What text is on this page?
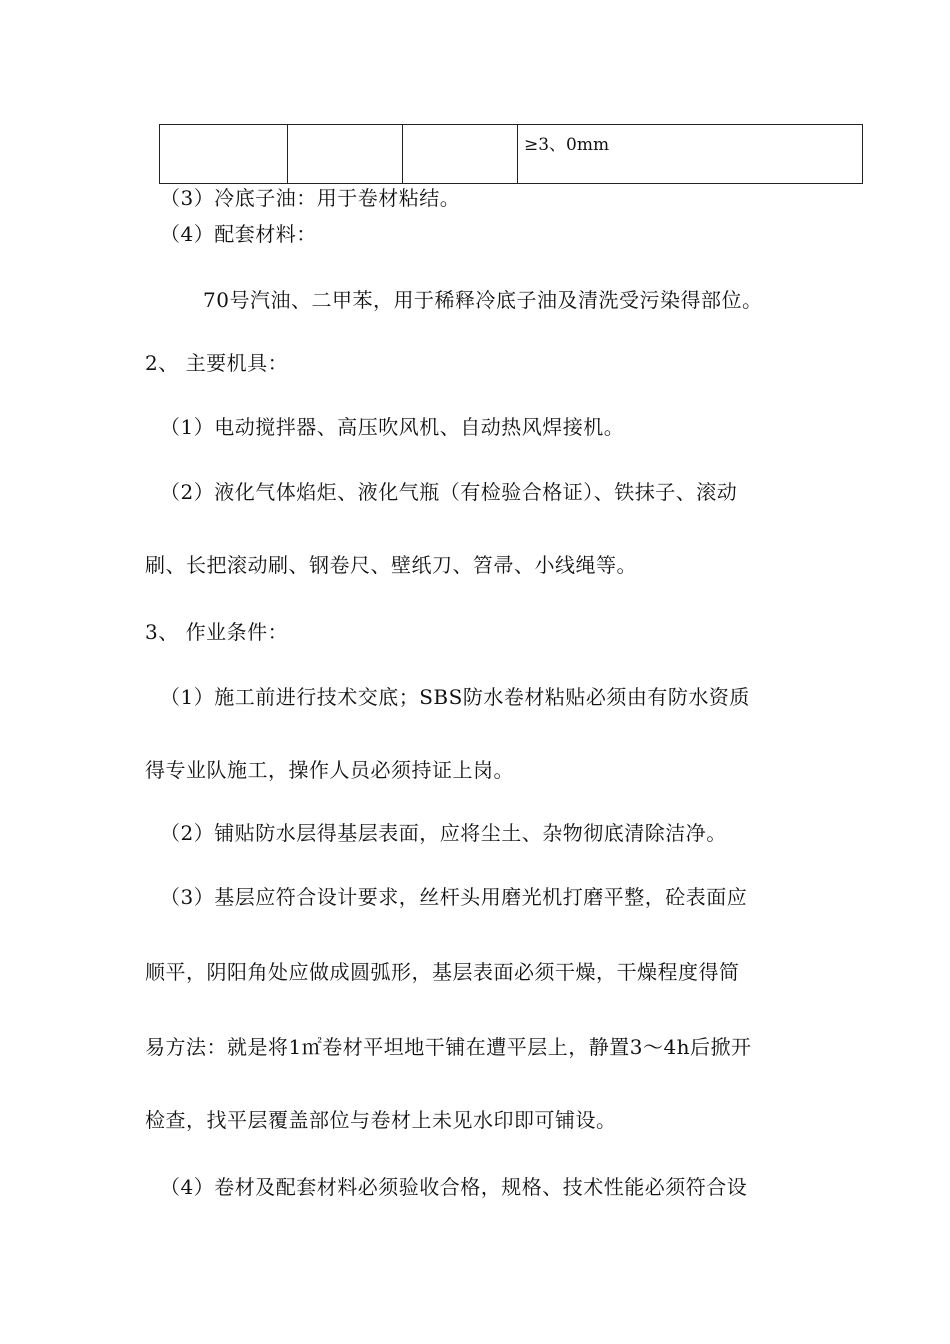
			≥3、0mm
（3）冷底子油：用于卷材粘结。
（4）配套材料：
70号汽油、二甲苯，用于稀释冷底子油及清洗受污染得部位。
2、 主要机具：
（1）电动搅拌器、高压吹风机、自动热风焊接机。
（2）液化气体焰炬、液化气瓶（有检验合格证）、铁抹子、滚动
刷、长把滚动刷、钢卷尺、壁纸刀、笤帚、小线绳等。
3、 作业条件：
（1）施工前进行技术交底；SBS防水卷材粘贴必须由有防水资质
得专业队施工，操作人员必须持证上岗。
（2）铺贴防水层得基层表面，应将尘土、杂物彻底清除洁净。
（3）基层应符合设计要求，丝杆头用磨光机打磨平整，砼表面应
顺平，阴阳角处应做成圆弧形，基层表面必须干燥，干燥程度得简
易方法：就是将1㎡卷材平坦地干铺在遭平层上，静置3～4h后掀开
检查，找平层覆盖部位与卷材上未见水印即可铺设。
（4）卷材及配套材料必须验收合格，规格、技术性能必须符合设
